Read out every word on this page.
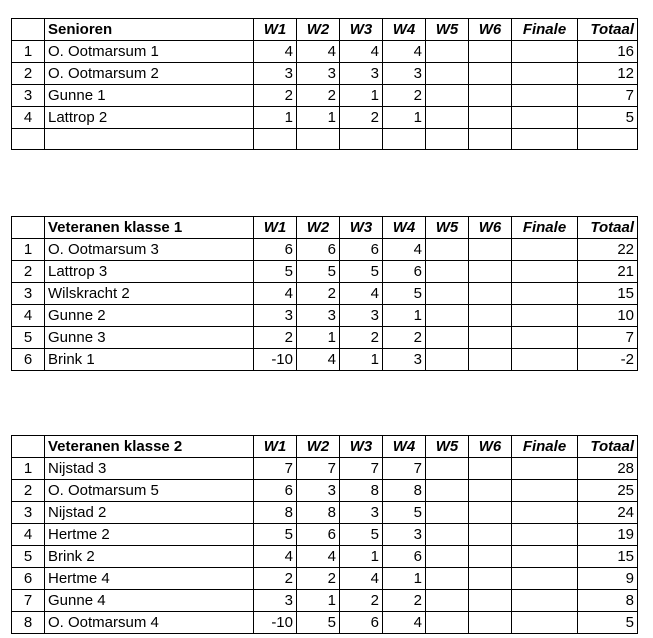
	Senioren	W1	W2	W3	W4	W5	W6	Finale	Totaal
1	O. Ootmarsum 1	4	4	4	4				16
2	O. Ootmarsum 2	3	3	3	3				12
3	Gunne 1	2	2	1	2				7
4	Lattrop 2	1	1	2	1				5

	Veteranen klasse 1	W1	W2	W3	W4	W5	W6	Finale	Totaal
1	O. Ootmarsum 3	6	6	6	4				22
2	Lattrop 3	5	5	5	6				21
3	Wilskracht 2	4	2	4	5				15
4	Gunne 2	3	3	3	1				10
5	Gunne 3	2	1	2	2				7
6	Brink 1	-10	4	1	3				-2
	Veteranen klasse 2	W1	W2	W3	W4	W5	W6	Finale	Totaal
1	Nijstad 3	7	7	7	7				28
2	O. Ootmarsum 5	6	3	8	8				25
3	Nijstad 2	8	8	3	5				24
4	Hertme 2	5	6	5	3				19
5	Brink 2	4	4	1	6				15
6	Hertme 4	2	2	4	1				9
7	Gunne 4	3	1	2	2				8
8	O. Ootmarsum 4	-10	5	6	4				5
